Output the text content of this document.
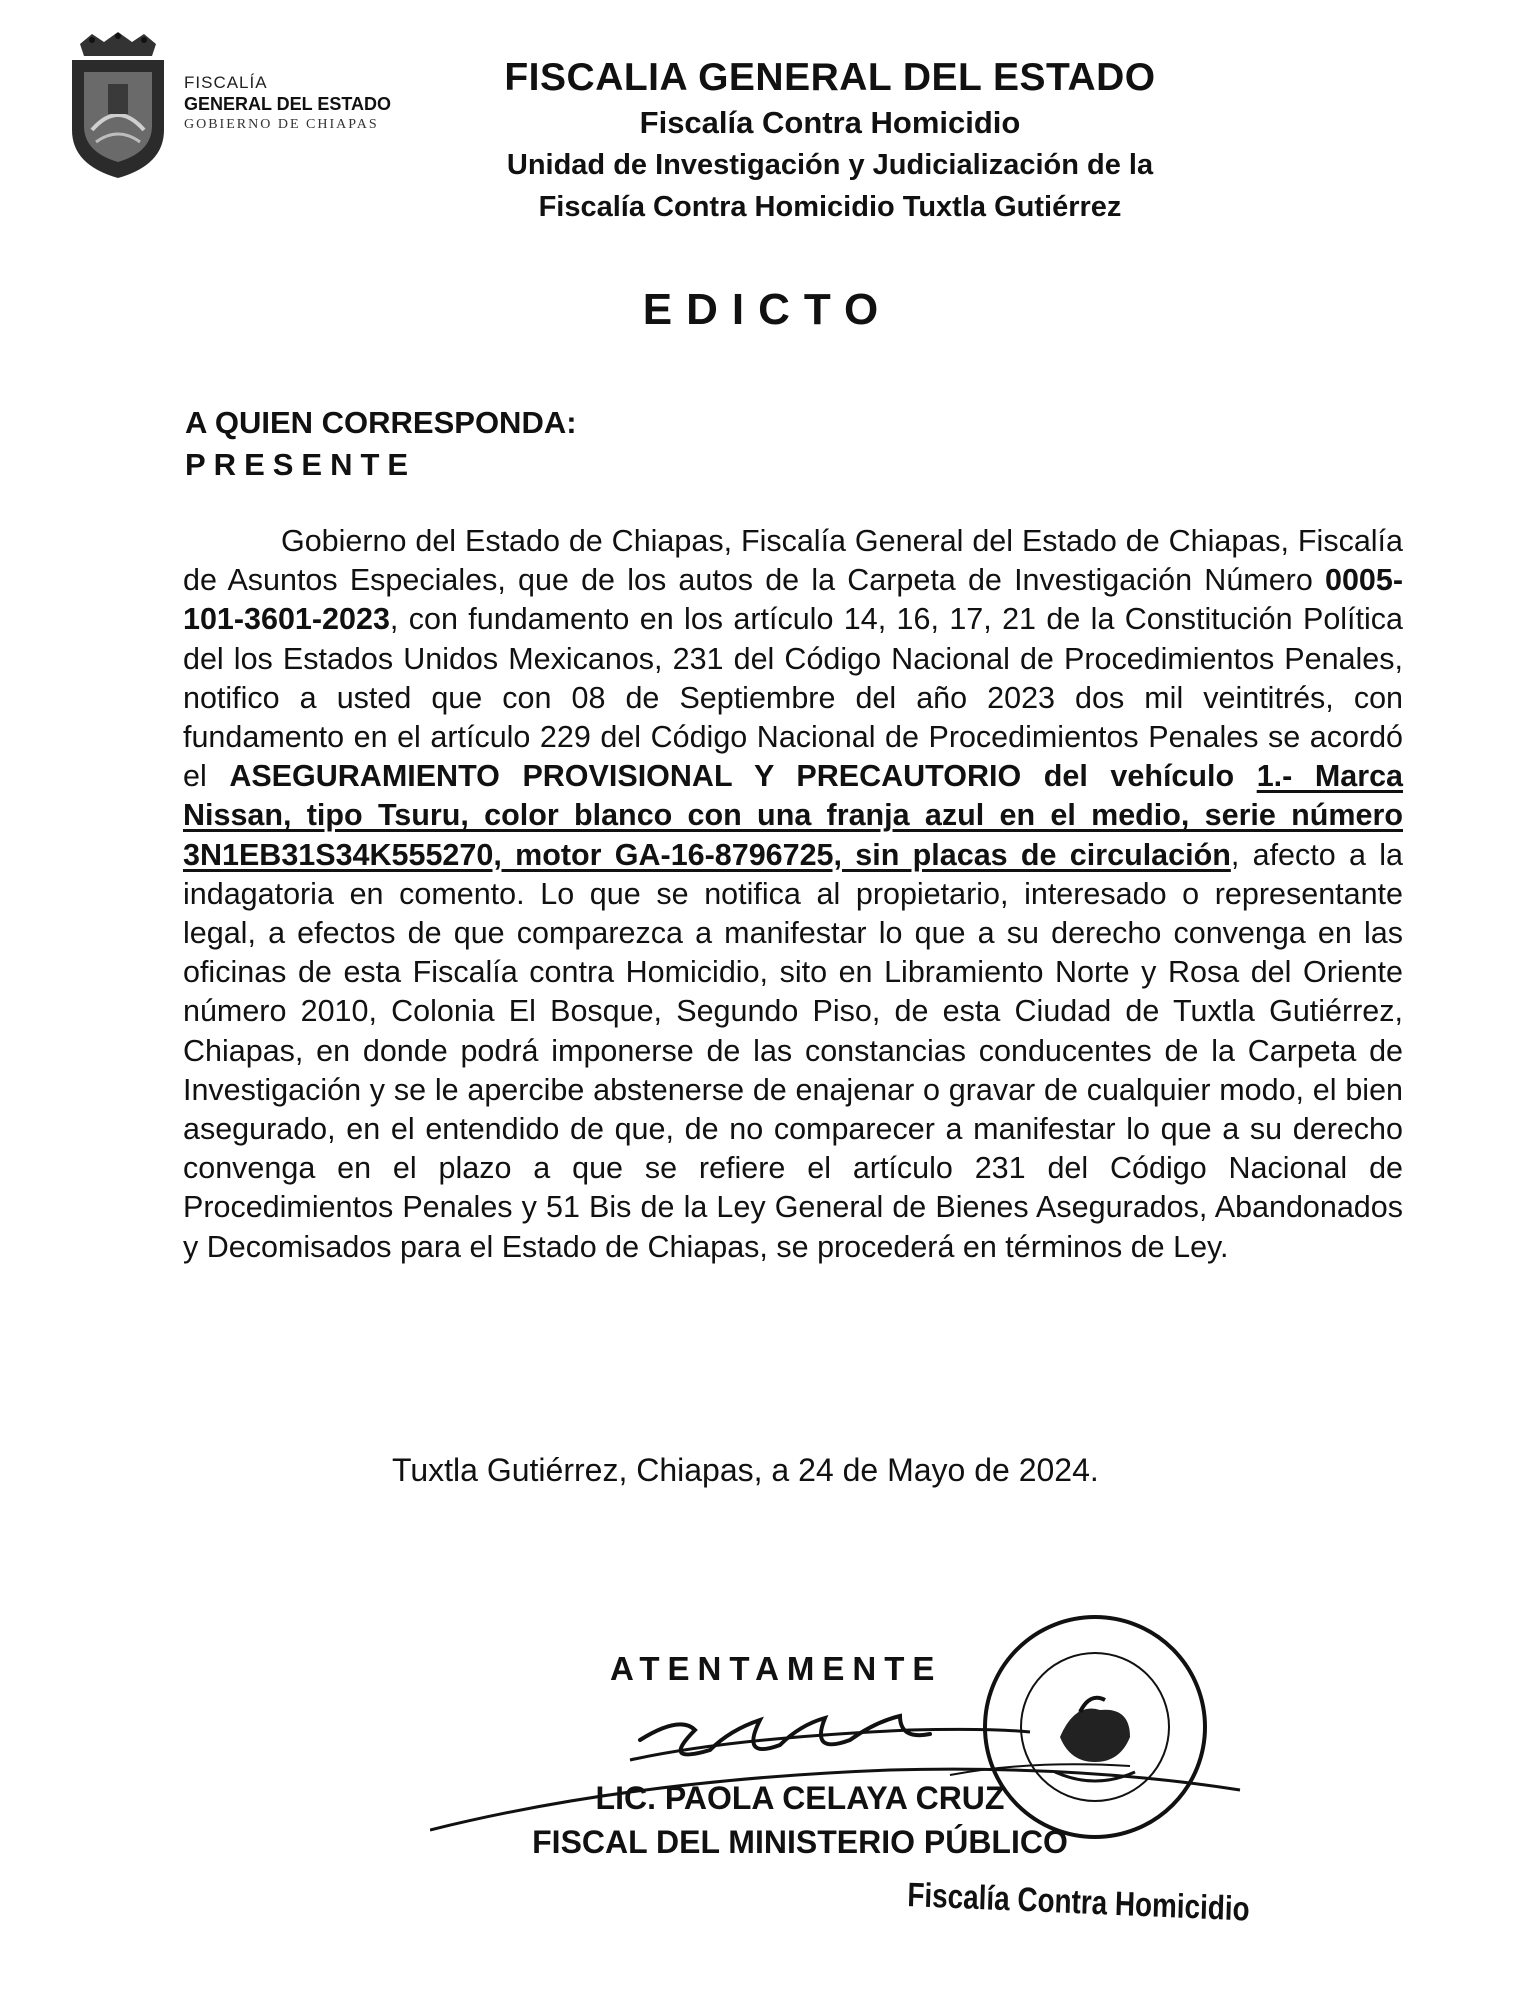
FISCALÍA
GENERAL DEL ESTADO
GOBIERNO DE CHIAPAS

FISCALIA GENERAL DEL ESTADO

Fiscalía Contra Homicidio

Unidad de Investigación y Judicialización de la

Fiscalía Contra Homicidio Tuxtla Gutiérrez

EDICTO
A QUIEN CORRESPONDA:
PRESENTE

Gobierno del Estado de Chiapas, Fiscalía General del Estado de Chiapas, Fiscalía de Asuntos Especiales, que de los autos de la Carpeta de Investigación Número 0005-101-3601-2023, con fundamento en los artículo 14, 16, 17, 21 de la Constitución Política del los Estados Unidos Mexicanos, 231 del Código Nacional de Procedimientos Penales, notifico a usted que con 08 de Septiembre del año 2023 dos mil veintitrés, con fundamento en el artículo 229 del Código Nacional de Procedimientos Penales se acordó el ASEGURAMIENTO PROVISIONAL Y PRECAUTORIO del vehículo 1.- Marca Nissan, tipo Tsuru, color blanco con una franja azul en el medio, serie número 3N1EB31S34K555270, motor GA-16-8796725, sin placas de circulación, afecto a la indagatoria en comento. Lo que se notifica al propietario, interesado o representante legal, a efectos de que comparezca a manifestar lo que a su derecho convenga en las oficinas de esta Fiscalía contra Homicidio, sito en Libramiento Norte y Rosa del Oriente número 2010, Colonia El Bosque, Segundo Piso, de esta Ciudad de Tuxtla Gutiérrez, Chiapas, en donde podrá imponerse de las constancias conducentes de la Carpeta de Investigación y se le apercibe abstenerse de enajenar o gravar de cualquier modo, el bien asegurado, en el entendido de que, de no comparecer a manifestar lo que a su derecho convenga en el plazo a que se refiere el artículo 231 del Código Nacional de Procedimientos Penales y 51 Bis de la Ley General de Bienes Asegurados, Abandonados y Decomisados para el Estado de Chiapas, se procederá en términos de Ley.

Tuxtla Gutiérrez, Chiapas, a 24 de Mayo de 2024.
ATENTAMENTE
LIC. PAOLA CELAYA CRUZ
FISCAL DEL MINISTERIO PÚBLICO
Fiscalía Contra Homicidio
